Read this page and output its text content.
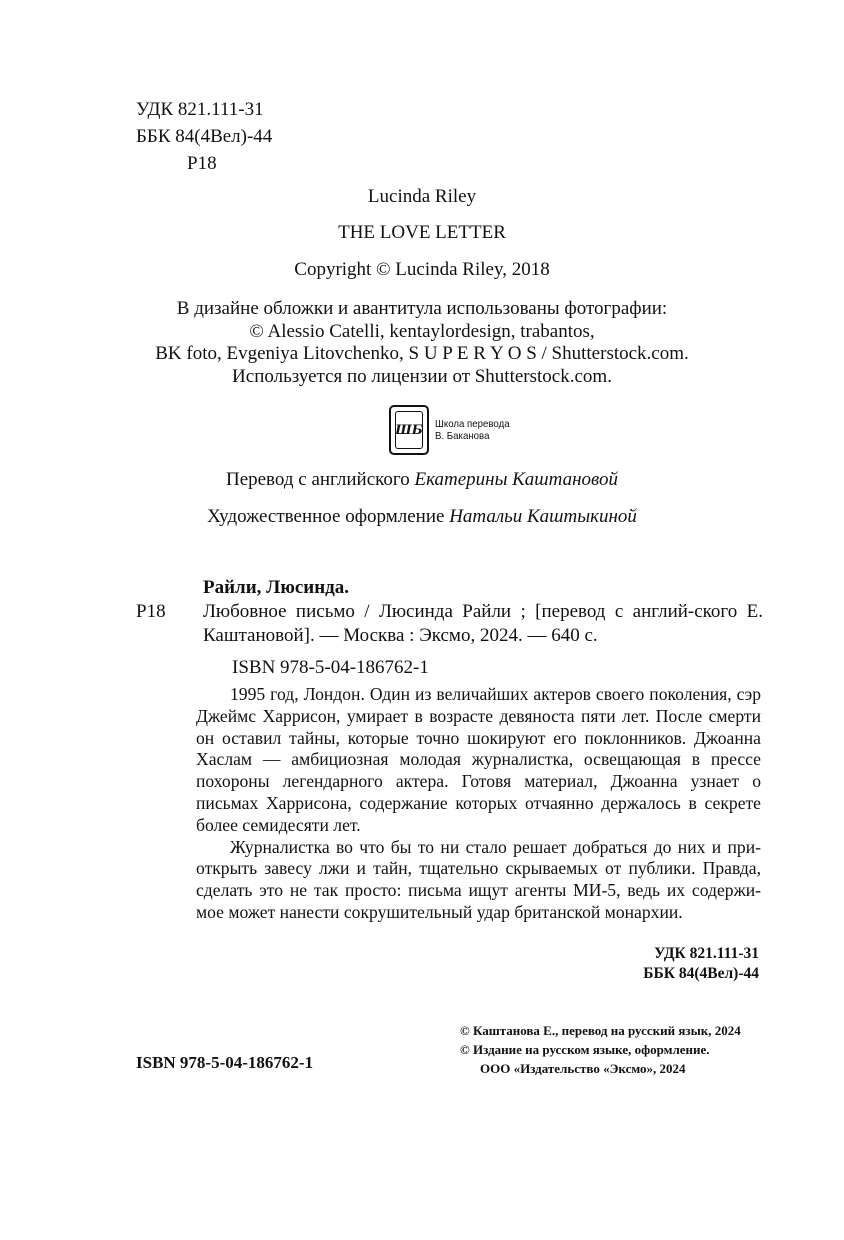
УДК 821.111-31
ББК 84(4Вел)-44
Р18
Lucinda Riley
THE LOVE LETTER
Copyright © Lucinda Riley, 2018
В дизайне обложки и авантитула использованы фотографии:
© Alessio Catelli, kentaylordesign, trabantos,
BK foto, Evgeniya Litovchenko, S U P E R Y O S / Shutterstock.com.
Используется по лицензии от Shutterstock.com.
ШБ Школа перевода
В. Баканова
Перевод с английского Екатерины Каштановой
Художественное оформление Натальи Каштыкиной
Райли, Люсинда.
Р18	Любовное письмо / Люсинда Райли ; [перевод с англий-ского Е. Каштановой]. — Москва : Эксмо, 2024. — 640 с.
ISBN 978-5-04-186762-1

1995 год, Лондон. Один из величайших актеров своего поколения, сэр Джеймс Харрисон, умирает в возрасте девяноста пяти лет. После смерти он оставил тайны, которые точно шокируют его поклонников. Джоанна Хаслам — амбициозная молодая журналистка, освещающая в прессе похороны легендарного актера. Готовя материал, Джоанна узнает о письмах Харрисона, содержание которых отчаянно держалось в секрете более семидесяти лет.

Журналистка во что бы то ни стало решает добраться до них и при-открыть завесу лжи и тайн, тщательно скрываемых от публики. Правда, сделать это не так просто: письма ищут агенты МИ-5, ведь их содержи-мое может нанести сокрушительный удар британской монархии.

УДК 821.111-31
ББК 84(4Вел)-44
© Каштанова Е., перевод на русский язык, 2024
© Издание на русском языке, оформление.
ООО «Издательство «Эксмо», 2024
ISBN 978-5-04-186762-1
